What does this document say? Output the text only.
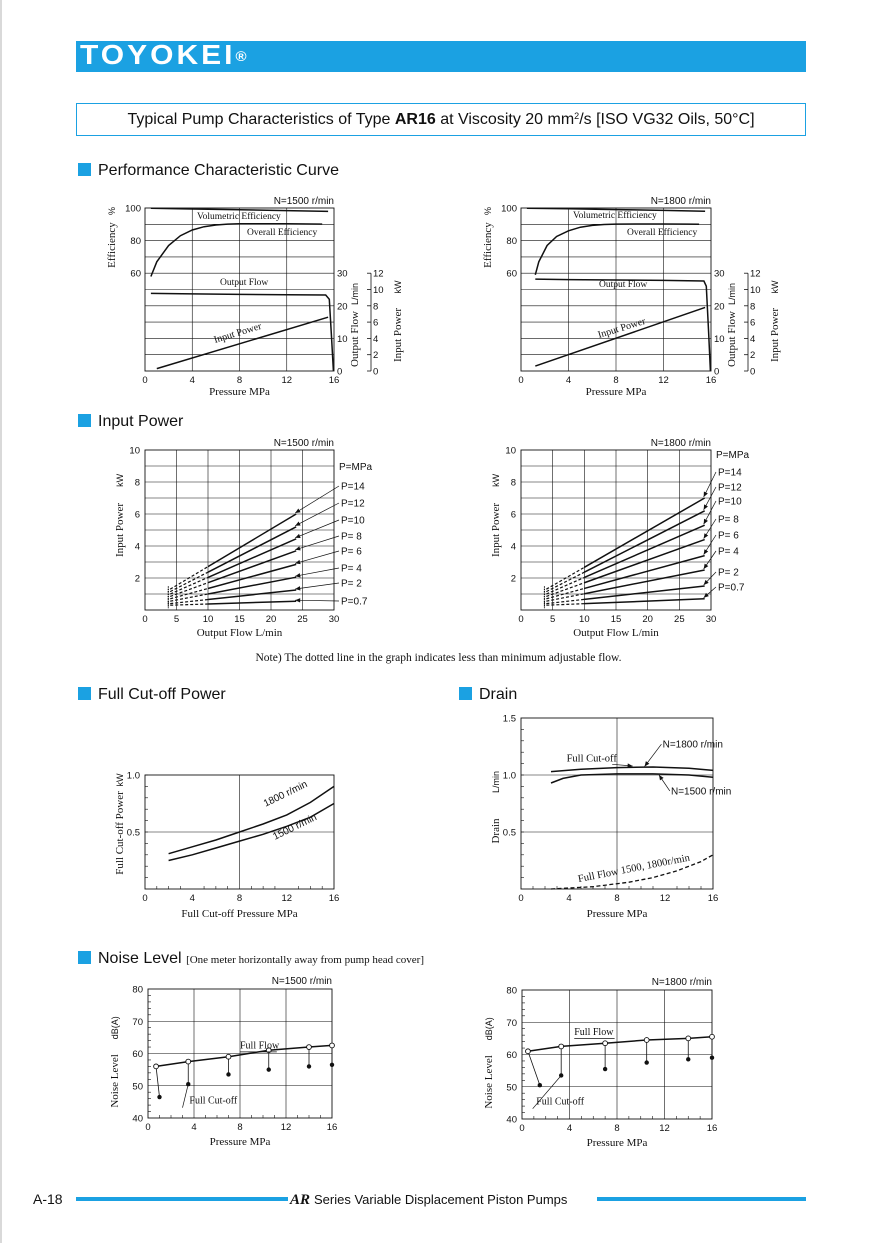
TOYOKEI®
Typical Pump Characteristics of Type AR16 at Viscosity 20 $mm^2/s$ [ISO VG32 Oils, 50°C]
Performance Characteristic Curve
Input Power
Full Cut-off Power	Drain
Noise Level [One meter horizontally away from pump head cover]
Note) The dotted line in the graph indicates less than minimum adjustable flow.
60
80
100
0	4	8	12	16
0
10
20
30
0
2
4
6
8
10
12
Efficiency
%
Output Flow
L/min
Input Power
kW
Pressure MPa
N=1500 r/min
Volumetric Efficiency
Overall Efficiency
Output Flow
Input Power
60
80
100
0	4	8	12	16
0
10
20
30
0
2
4
6
8
10
12
Efficiency
%
Output Flow
L/min
Input Power
kW
Pressure MPa
N=1800 r/min
Volumetric Efficiency
Overall Efficiency
Output Flow
Input Power
2
4
6
8
10
0	5 10 15 20 25 30
Input Power
kW
Output Flow L/min
N=1500 r/min
P=MPa
P=14
P=12
P=10
P= 8
P= 6
P= 4
P= 2
P=0.7
2
4
6
8
10
0	5 10 15 20 25 30
Input Power
kW
Output Flow L/min
N=1800 r/min
P=MPa
P=14
P=12
P=10
P= 8
P= 6
P= 4
P= 2
P=0.7
0.5
1.0
0	4	8	12	16
Full Cut-off Power
kW
Full Cut-off Pressure MPa
1800 r/min
1500 r/min	0.5
1.0
1.5
0	4	8	12	16
Drain
L/min
Pressure MPa
Full Cut-off
N=1800 r/min
N=1500 r/min
Full Flow 1500, 1800r/min
40
50
60
70
80
0	4	8	12	16
Noise Level
dB(A)
Pressure MPa
N=1500 r/min
Full Flow
Full Cut-off
40
50
60
70
80
0	4	8	12	16
Noise Level
dB(A)
Pressure MPa
N=1800 r/min
Full Flow
Full Cut-off
A-18	AR Series Variable Displacement Piston Pumps
